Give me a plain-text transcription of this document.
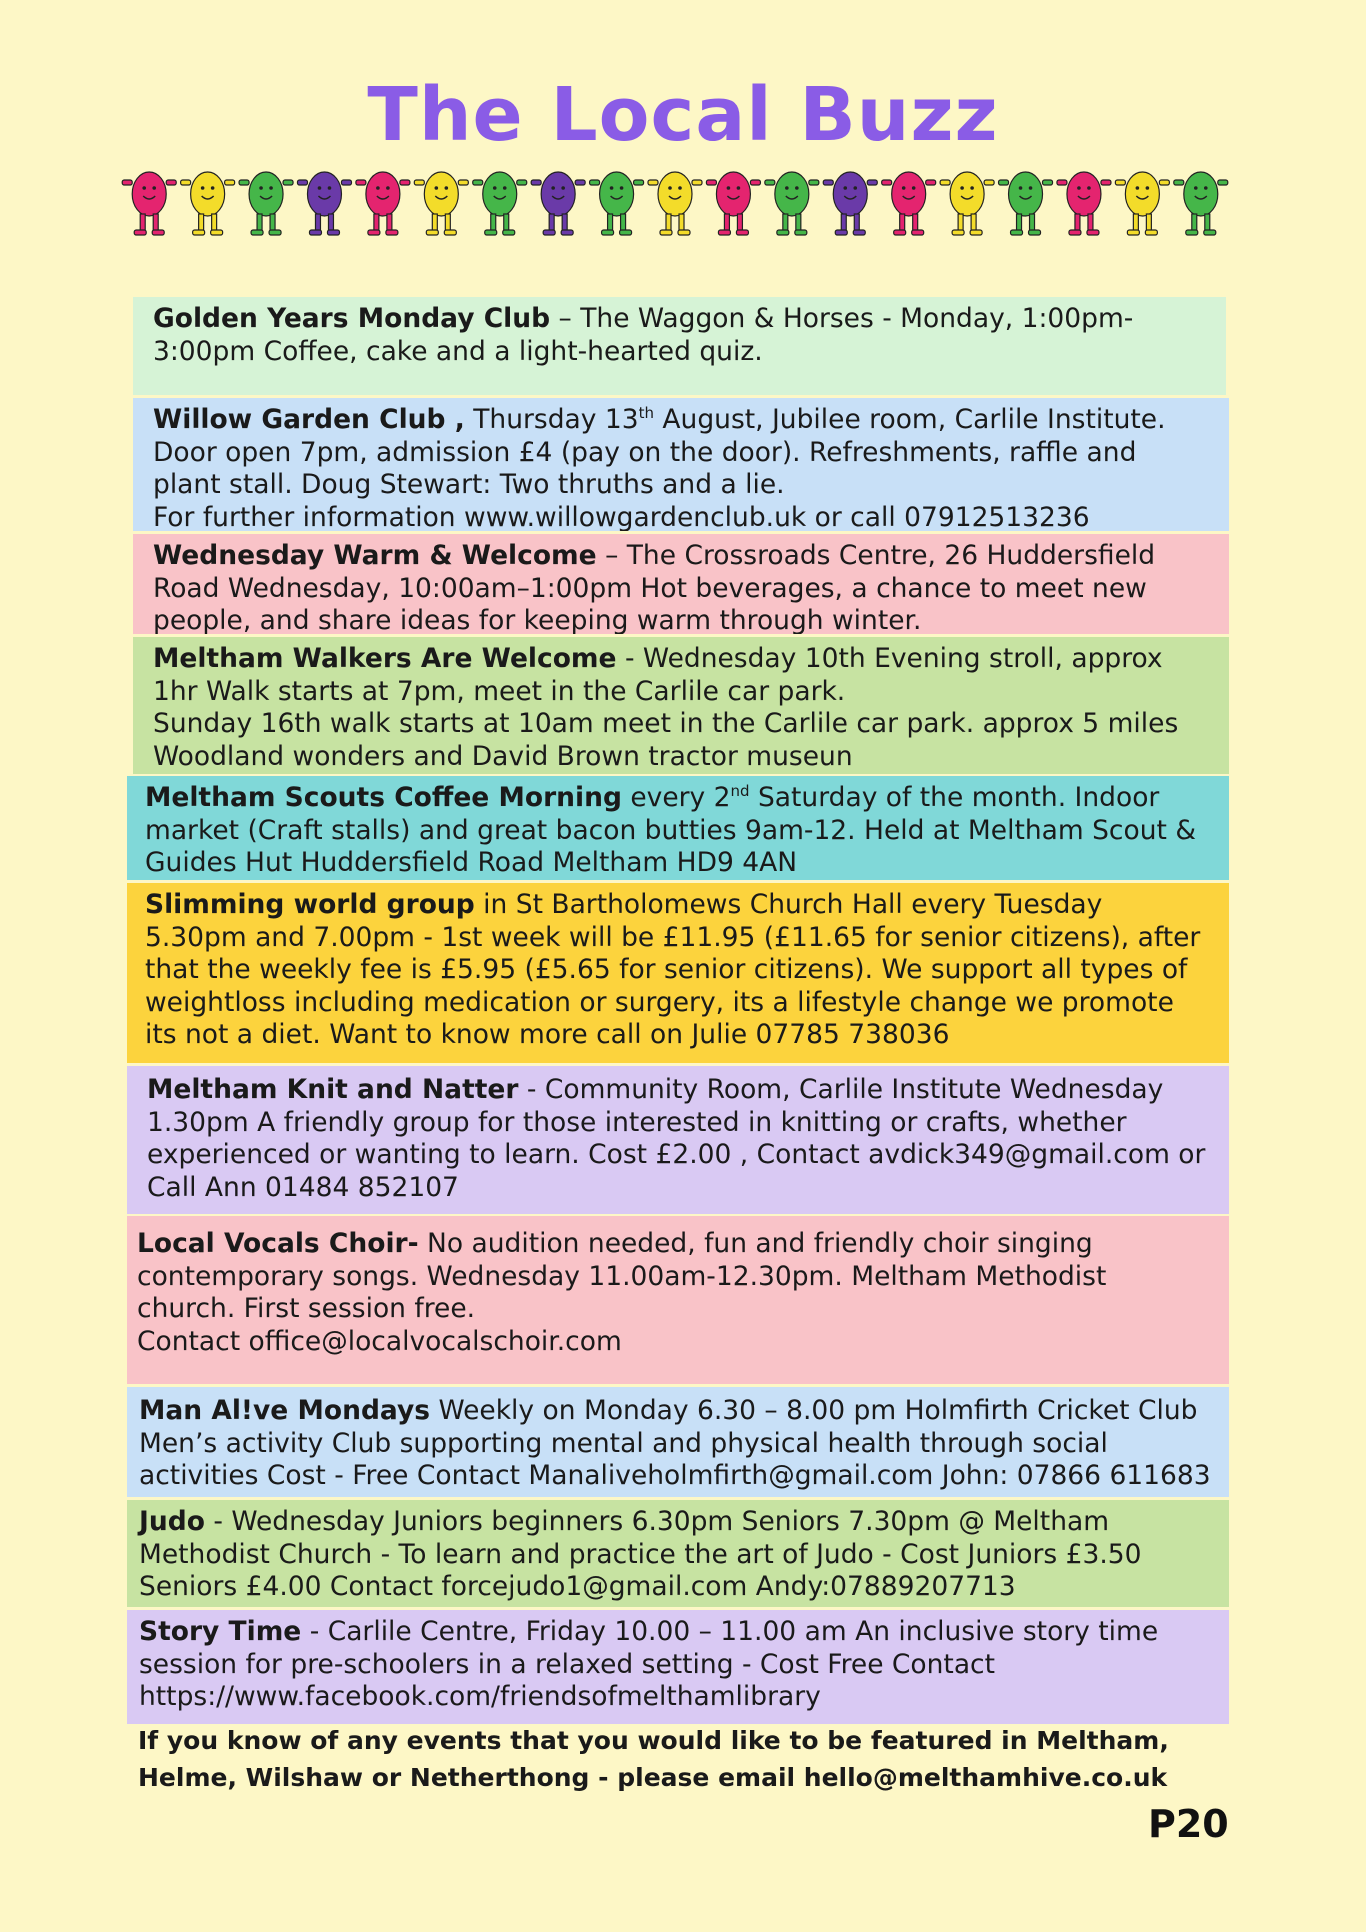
The Local Buzz

Golden Years Monday Club – The Waggon & Horses - Monday, 1:00pm-3:00pm Coffee, cake and a light-hearted quiz.

Willow Garden Club , Thursday 13th August, Jubilee room, Carlile Institute. Door open 7pm, admission £4 (pay on the door). Refreshments, raffle and plant stall. Doug Stewart: Two thruths and a lie.

For further information www.willowgardenclub.uk or call 07912513236

Wednesday Warm & Welcome – The Crossroads Centre, 26 Huddersfield Road Wednesday, 10:00am–1:00pm Hot beverages, a chance to meet new people, and share ideas for keeping warm through winter.

Meltham Walkers Are Welcome - Wednesday 10th Evening stroll, approx 1hr Walk starts at 7pm, meet in the Carlile car park.

Sunday 16th walk starts at 10am meet in the Carlile car park. approx 5 miles Woodland wonders and David Brown tractor museun

Meltham Scouts Coffee Morning every 2nd Saturday of the month. Indoor market (Craft stalls) and great bacon butties 9am-12. Held at Meltham Scout & Guides Hut Huddersfield Road Meltham HD9 4AN

Slimming world group in St Bartholomews Church Hall every Tuesday 5.30pm and 7.00pm - 1st week will be £11.95 (£11.65 for senior citizens), after that the weekly fee is £5.95 (£5.65 for senior citizens). We support all types of weightloss including medication or surgery, its a lifestyle change we promote its not a diet. Want to know more call on Julie 07785 738036

Meltham Knit and Natter - Community Room, Carlile Institute Wednesday 1.30pm A friendly group for those interested in knitting or crafts, whether experienced or wanting to learn. Cost £2.00 , Contact avdick349@gmail.com or Call Ann 01484 852107

Local Vocals Choir- No audition needed, fun and friendly choir singing contemporary songs. Wednesday 11.00am-12.30pm. Meltham Methodist church. First session free.

Contact office@localvocalschoir.com

Man Al!ve Mondays Weekly on Monday 6.30 – 8.00 pm Holmfirth Cricket Club Men’s activity Club supporting mental and physical health through social activities Cost - Free Contact Manaliveholmfirth@gmail.com John: 07866 611683

Judo - Wednesday Juniors beginners 6.30pm Seniors 7.30pm @ Meltham Methodist Church - To learn and practice the art of Judo - Cost Juniors £3.50 Seniors £4.00 Contact forcejudo1@gmail.com Andy:07889207713

Story Time - Carlile Centre, Friday 10.00 – 11.00 am An inclusive story time session for pre-schoolers in a relaxed setting - Cost Free Contact https://www.facebook.com/friendsofmelthamlibrary

If you know of any events that you would like to be featured in Meltham, Helme, Wilshaw or Netherthong - please email hello@melthamhive.co.uk
P20
